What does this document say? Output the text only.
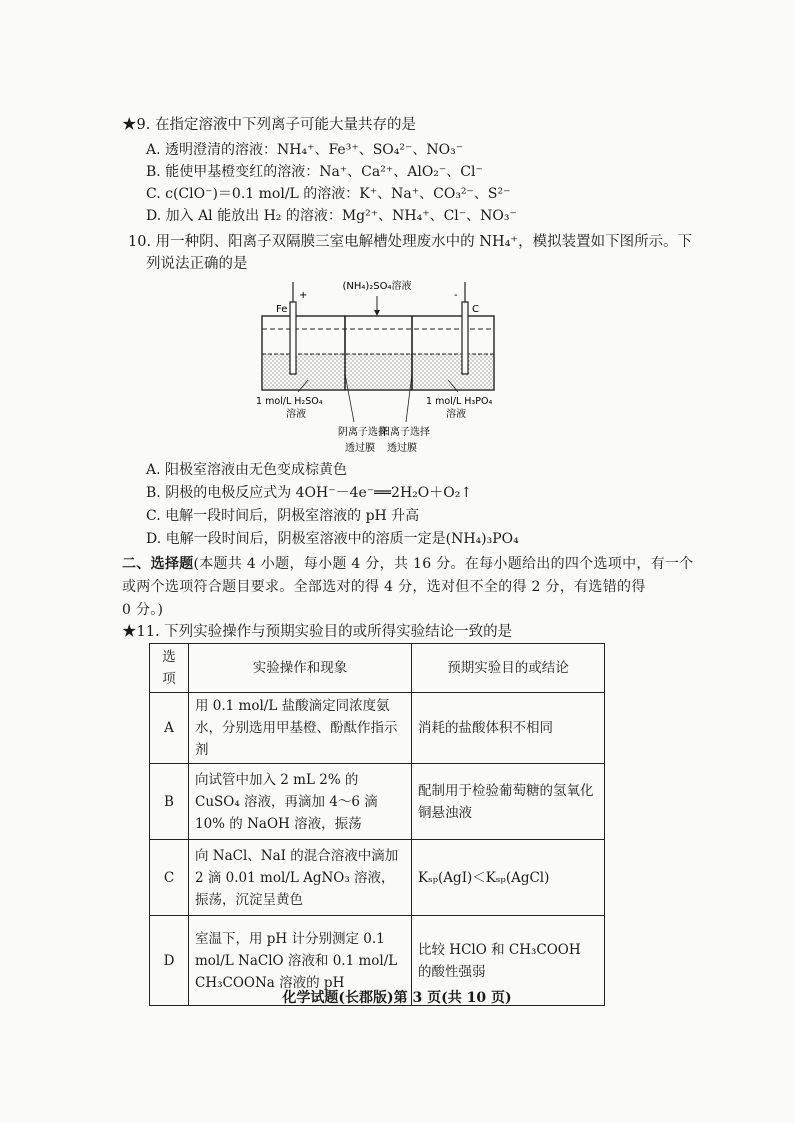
★9. 在指定溶液中下列离子可能大量共存的是
A. 透明澄清的溶液：NH₄⁺、Fe³⁺、SO₄²⁻、NO₃⁻
B. 能使甲基橙变红的溶液：Na⁺、Ca²⁺、AlO₂⁻、Cl⁻
C. c(ClO⁻)＝0.1 mol/L 的溶液：K⁺、Na⁺、CO₃²⁻、S²⁻
D. 加入 Al 能放出 H₂ 的溶液：Mg²⁺、NH₄⁺、Cl⁻、NO₃⁻
10. 用一种阴、阳离子双隔膜三室电解槽处理废水中的 NH₄⁺，模拟装置如下图所示。下
列说法正确的是
(NH₄)₂SO₄溶液
Fe
+
C
-
1 mol/L H₂SO₄
溶液
1 mol/L H₃PO₄
溶液
阴离子选择
透过膜
阳离子选择
透过膜
A. 阳极室溶液由无色变成棕黄色
B. 阴极的电极反应式为 4OH⁻－4e⁻══2H₂O＋O₂↑
C. 电解一段时间后，阴极室溶液的 pH 升高
D. 电解一段时间后，阴极室溶液中的溶质一定是(NH₄)₃PO₄
二、选择题(本题共 4 小题，每小题 4 分，共 16 分。在每小题给出的四个选项中，有一个
或两个选项符合题目要求。全部选对的得 4 分，选对但不全的得 2 分，有选错的得
0 分。)
★11. 下列实验操作与预期实验目的或所得实验结论一致的是
选项	实验操作和现象	预期实验目的或结论
A	用 0.1 mol/L 盐酸滴定同浓度氨水，分别选用甲基橙、酚酞作指示剂	消耗的盐酸体积不相同
B	向试管中加入 2 mL 2% 的 CuSO₄ 溶液，再滴加 4～6 滴 10% 的 NaOH 溶液，振荡	配制用于检验葡萄糖的氢氧化铜悬浊液
C	向 NaCl、NaI 的混合溶液中滴加 2 滴 0.01 mol/L AgNO₃ 溶液，振荡，沉淀呈黄色	Kₛₚ(AgI)＜Kₛₚ(AgCl)
D	室温下，用 pH 计分别测定 0.1 mol/L NaClO 溶液和 0.1 mol/L CH₃COONa 溶液的 pH	比较 HClO 和 CH₃COOH 的酸性强弱
化学试题(长郡版)第 3 页(共 10 页)
